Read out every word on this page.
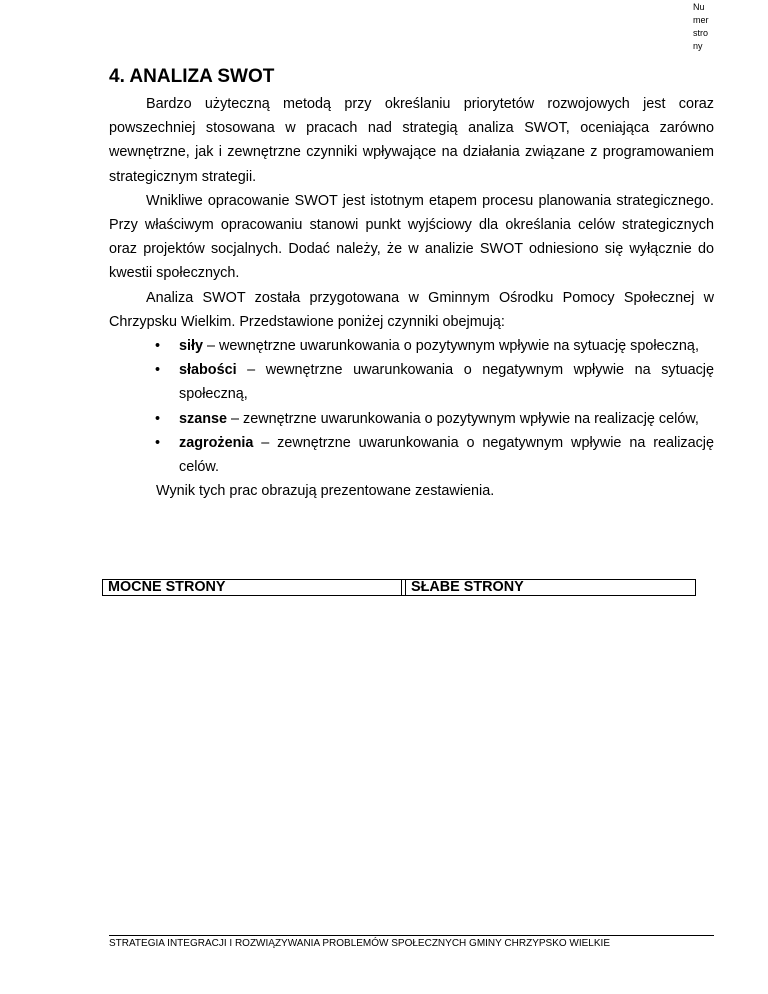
Nu
mer
stro
ny
4. ANALIZA SWOT

Bardzo użyteczną metodą przy określaniu priorytetów rozwojowych jest coraz powszechniej stosowana w pracach nad strategią analiza SWOT, oceniająca zarówno wewnętrzne, jak i zewnętrzne czynniki wpływające na działania związane z programowaniem strategicznym strategii.

Wnikliwe opracowanie SWOT jest istotnym etapem procesu planowania strategicznego. Przy właściwym opracowaniu stanowi punkt wyjściowy dla określania celów strategicznych oraz projektów socjalnych. Dodać należy, że w analizie SWOT odniesiono się wyłącznie do kwestii społecznych.

Analiza SWOT została przygotowana w Gminnym Ośrodku Pomocy Społecznej w Chrzypsku Wielkim. Przedstawione poniżej czynniki obejmują:

• siły – wewnętrzne uwarunkowania o pozytywnym wpływie na sytuację społeczną,
• słabości – wewnętrzne uwarunkowania o negatywnym wpływie na sytuację społeczną,
• szanse – zewnętrzne uwarunkowania o pozytywnym wpływie na realizację celów,
• zagrożenia – zewnętrzne uwarunkowania o negatywnym wpływie na realizację celów.

Wynik tych prac obrazują prezentowane zestawienia.

MOCNE STRONY	SŁABE STRONY
STRATEGIA INTEGRACJI I ROZWIĄZYWANIA PROBLEMÓW SPOŁECZNYCH GMINY CHRZYPSKO WIELKIE
